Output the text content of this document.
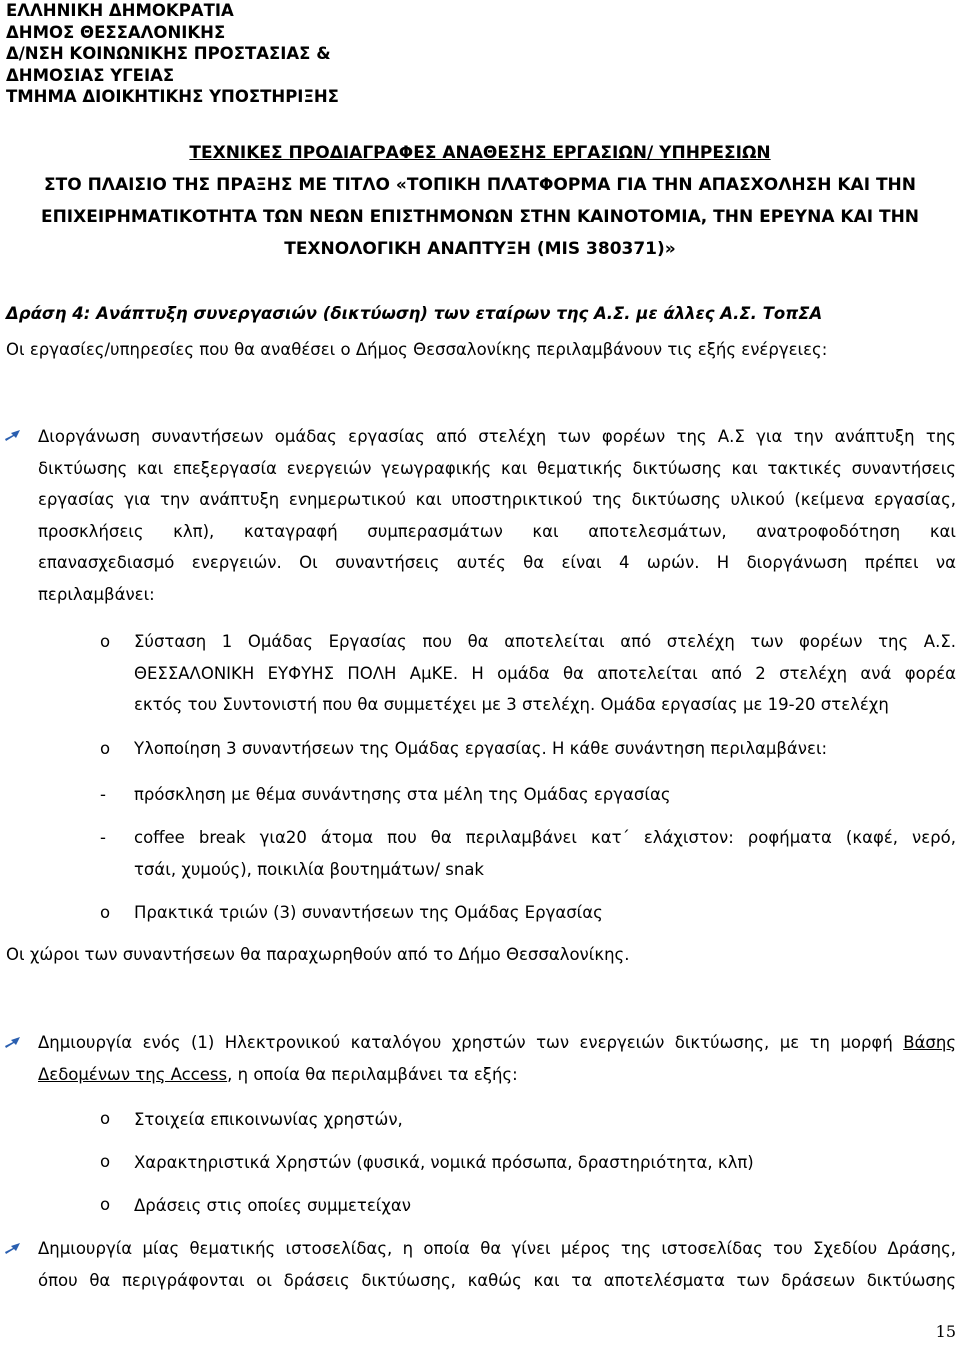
ΕΛΛΗΝΙΚΗ ΔΗΜΟΚΡΑΤΙΑ
ΔΗΜΟΣ ΘΕΣΣΑΛΟΝΙΚΗΣ
Δ/ΝΣΗ ΚΟΙΝΩΝΙΚΗΣ ΠΡΟΣΤΑΣΙΑΣ &
ΔΗΜΟΣΙΑΣ ΥΓΕΙΑΣ
ΤΜΗΜΑ ΔΙΟΙΚΗΤΙΚΗΣ ΥΠΟΣΤΗΡΙΞΗΣ
ΤΕΧΝΙΚΕΣ ΠΡΟΔΙΑΓΡΑΦΕΣ ΑΝΑΘΕΣΗΣ ΕΡΓΑΣΙΩΝ/ ΥΠΗΡΕΣΙΩΝ
ΣΤΟ ΠΛΑΙΣΙΟ ΤΗΣ ΠΡΑΞΗΣ ΜΕ ΤΙΤΛΟ «ΤΟΠΙΚΗ ΠΛΑΤΦΟΡΜΑ ΓΙΑ ΤΗΝ ΑΠΑΣΧΟΛΗΣΗ ΚΑΙ ΤΗΝ
ΕΠΙΧΕΙΡΗΜΑΤΙΚΟΤΗΤΑ ΤΩΝ ΝΕΩΝ ΕΠΙΣΤΗΜΟΝΩΝ ΣΤΗΝ ΚΑΙΝΟΤΟΜΙΑ, ΤΗΝ ΕΡΕΥΝΑ ΚΑΙ ΤΗΝ
ΤΕΧΝΟΛΟΓΙΚΗ ΑΝΑΠΤΥΞΗ (MIS 380371)»
Δράση 4: Ανάπτυξη συνεργασιών (δικτύωση) των εταίρων της Α.Σ. με άλλες Α.Σ. ΤοπΣΑ
Οι εργασίες/υπηρεσίες που θα αναθέσει ο Δήμος Θεσσαλονίκης περιλαμβάνουν τις εξής ενέργειες:
Διοργάνωση συναντήσεων ομάδας εργασίας από στελέχη των φορέων της Α.Σ για την ανάπτυξη της
δικτύωσης και επεξεργασία ενεργειών γεωγραφικής και θεματικής δικτύωσης και τακτικές συναντήσεις
εργασίας για την ανάπτυξη ενημερωτικού και υποστηρικτικού της δικτύωσης υλικού (κείμενα εργασίας,
προσκλήσεις κλπ), καταγραφή συμπερασμάτων και αποτελεσμάτων, ανατροφοδότηση και
επανασχεδιασμό ενεργειών. Οι συναντήσεις αυτές θα είναι 4 ωρών. Η διοργάνωση πρέπει να
περιλαμβάνει:
o Σύσταση 1 Ομάδας Εργασίας που θα αποτελείται από στελέχη των φορέων της Α.Σ.
ΘΕΣΣΑΛΟΝΙΚΗ ΕΥΦΥΗΣ ΠΟΛΗ ΑμΚΕ. Η ομάδα θα αποτελείται από 2 στελέχη ανά φορέα
εκτός του Συντονιστή που θα συμμετέχει με 3 στελέχη. Ομάδα εργασίας με 19-20 στελέχη
o Υλοποίηση 3 συναντήσεων της Ομάδας εργασίας. Η κάθε συνάντηση περιλαμβάνει:
- πρόσκληση με θέμα συνάντησης στα μέλη της Ομάδας εργασίας
- coffee break για20 άτομα που θα περιλαμβάνει κατ΄ ελάχιστον: ροφήματα (καφέ, νερό,
τσάι, χυμούς), ποικιλία βουτημάτων/ snak
o Πρακτικά τριών (3) συναντήσεων της Ομάδας Εργασίας
Οι χώροι των συναντήσεων θα παραχωρηθούν από το Δήμο Θεσσαλονίκης.
Δημιουργία ενός (1) Ηλεκτρονικού καταλόγου χρηστών των ενεργειών δικτύωσης, με τη μορφή Βάσης
Δεδομένων της Access, η οποία θα περιλαμβάνει τα εξής:
o Στοιχεία επικοινωνίας χρηστών,
o Χαρακτηριστικά Χρηστών (φυσικά, νομικά πρόσωπα, δραστηριότητα, κλπ)
o Δράσεις στις οποίες συμμετείχαν
Δημιουργία μίας θεματικής ιστοσελίδας, η οποία θα γίνει μέρος της ιστοσελίδας του Σχεδίου Δράσης,
όπου θα περιγράφονται οι δράσεις δικτύωσης, καθώς και τα αποτελέσματα των δράσεων δικτύωσης
15
